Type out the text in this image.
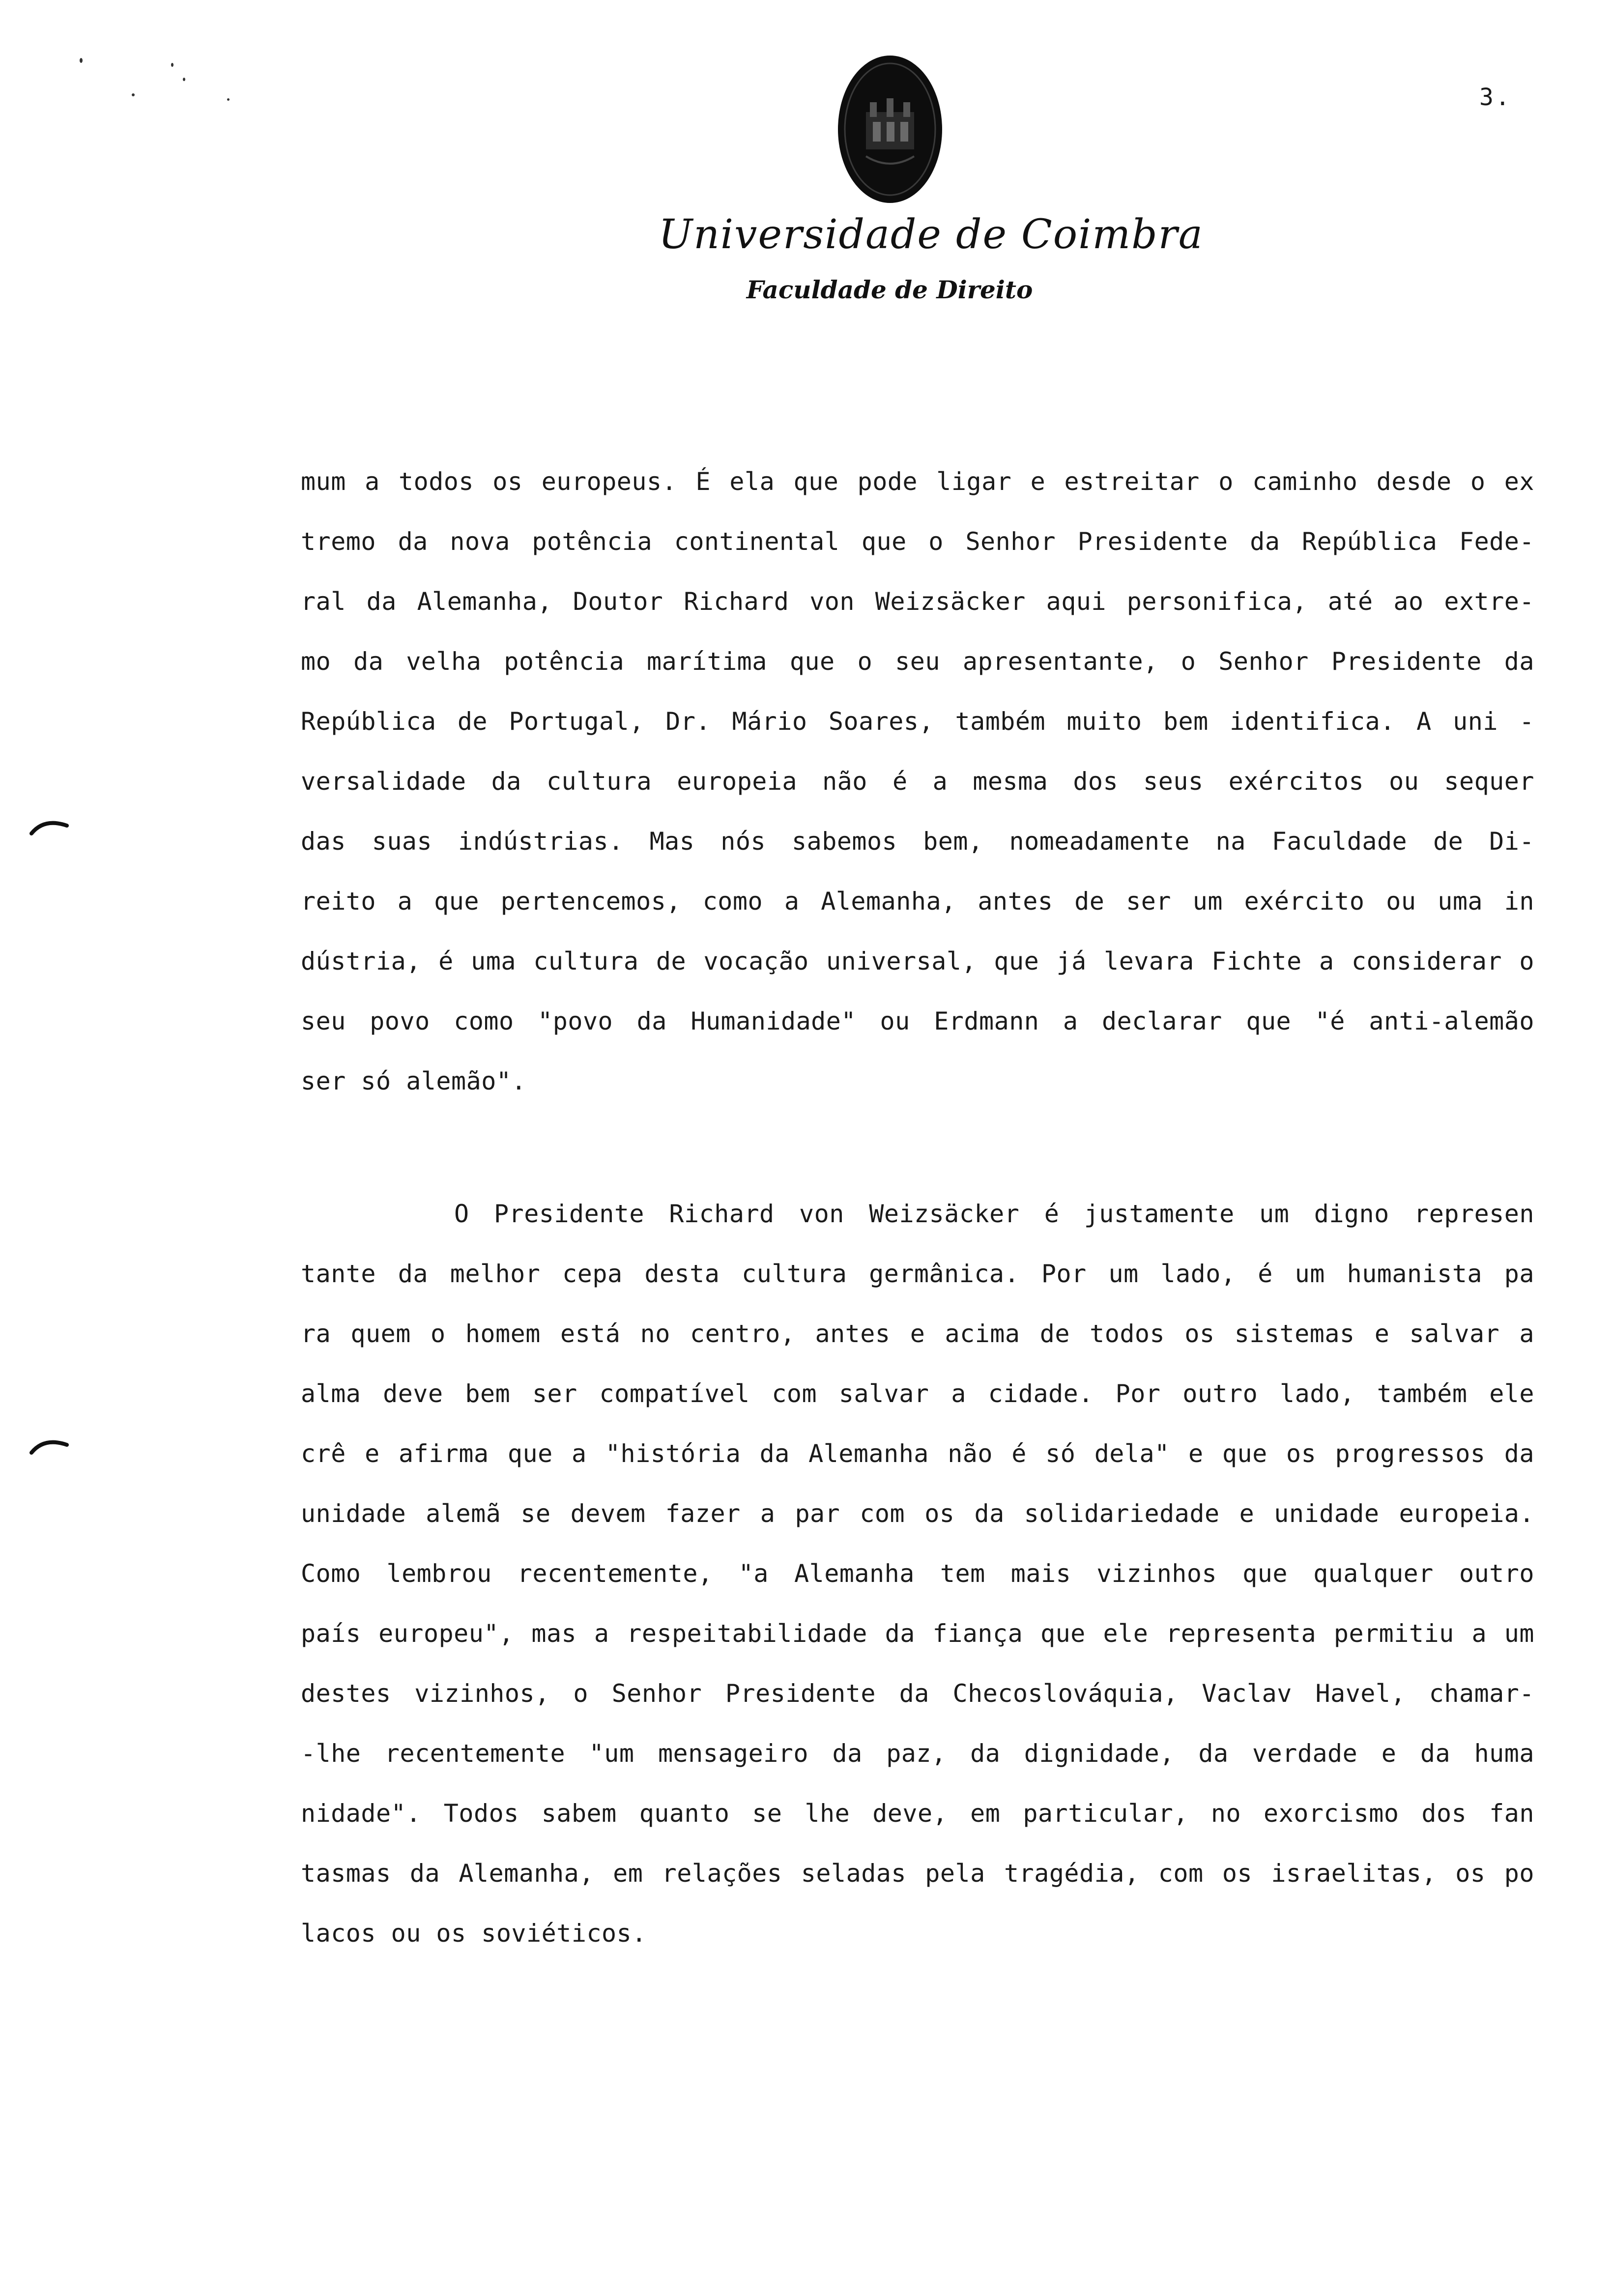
3.
Universidade de Coimbra
Faculdade de Direito
mum a todos os europeus. É ela que pode ligar e estreitar o caminho desde o ex
tremo da nova potência continental que o Senhor Presidente da República Fede-
ral da Alemanha, Doutor Richard von Weizsäcker aqui personifica, até ao extre-
mo da velha potência marítima que o seu apresentante, o Senhor Presidente da
República de Portugal, Dr. Mário Soares, também muito bem identifica. A uni -
versalidade da cultura europeia não é a mesma dos seus exércitos ou sequer
das suas indústrias. Mas nós sabemos bem, nomeadamente na Faculdade de Di-
reito a que pertencemos, como a Alemanha, antes de ser um exército ou uma in
dústria, é uma cultura de vocação universal, que já levara Fichte a considerar o
seu povo como "povo da Humanidade" ou Erdmann a declarar que "é anti-alemão
ser só alemão".
O Presidente Richard von Weizsäcker é justamente um digno represen
tante da melhor cepa desta cultura germânica. Por um lado, é um humanista pa
ra quem o homem está no centro, antes e acima de todos os sistemas e salvar a
alma deve bem ser compatível com salvar a cidade. Por outro lado, também ele
crê e afirma que a "história da Alemanha não é só dela" e que os progressos da
unidade alemã se devem fazer a par com os da solidariedade e unidade europeia.
Como lembrou recentemente, "a Alemanha tem mais vizinhos que qualquer outro
país europeu", mas a respeitabilidade da fiança que ele representa permitiu a um
destes vizinhos, o Senhor Presidente da Checoslováquia, Vaclav Havel, chamar-
-lhe recentemente "um mensageiro da paz, da dignidade, da verdade e da huma
nidade". Todos sabem quanto se lhe deve, em particular, no exorcismo dos fan
tasmas da Alemanha, em relações seladas pela tragédia, com os israelitas, os po
lacos ou os soviéticos.
